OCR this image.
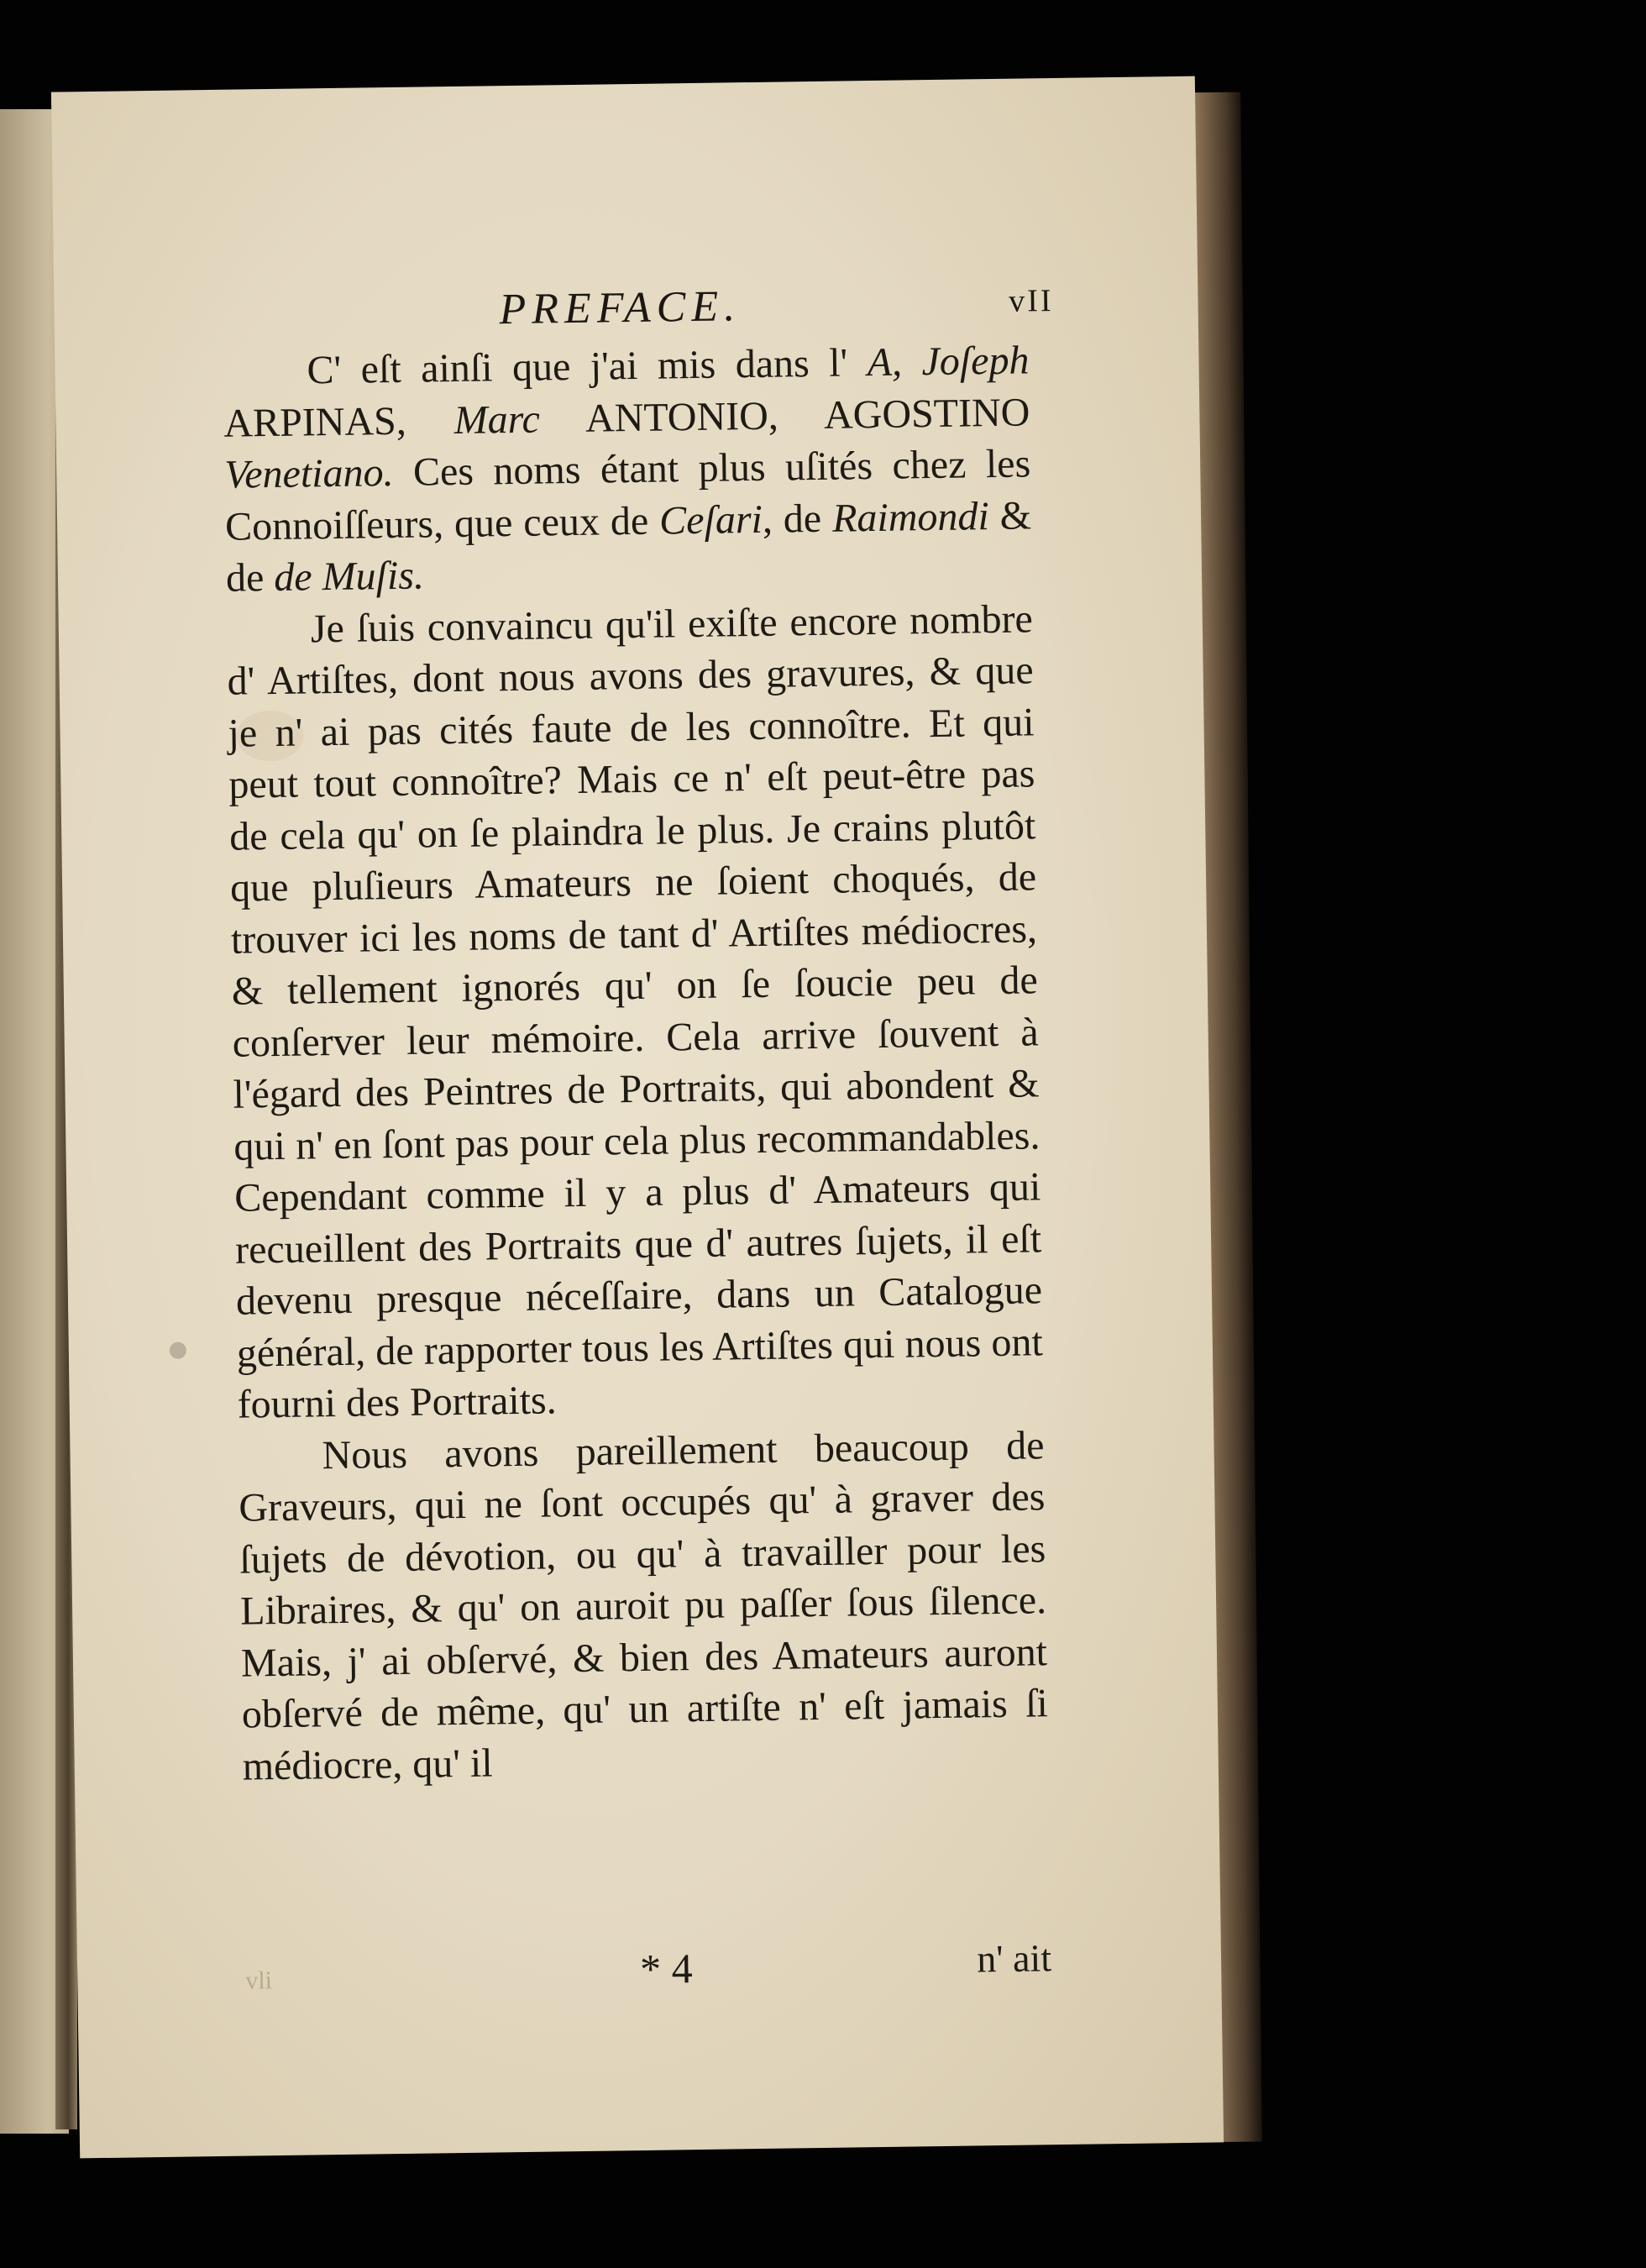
PREFACE.	vII

C' eſt ainſi que j'ai mis dans l' A, Joſeph ARPINAS, Marc ANTONIO, AGOSTINO Venetiano. Ces noms étant plus uſités chez les Connoiſſeurs, que ceux de Ceſari, de Raimondi & de de Muſis.

Je ſuis convaincu qu'il exiſte encore nombre d' Artiſtes, dont nous avons des gravures, & que je n' ai pas cités faute de les connoître. Et qui peut tout connoître? Mais ce n' eſt peut-être pas de cela qu' on ſe plaindra le plus. Je crains plutôt que pluſieurs Amateurs ne ſoient choqués, de trouver ici les noms de tant d' Artiſtes médiocres, & tellement ignorés qu' on ſe ſoucie peu de conſerver leur mémoire. Cela arrive ſouvent à l'égard des Peintres de Portraits, qui abondent & qui n' en ſont pas pour cela plus recommandables. Cependant comme il y a plus d' Amateurs qui recueillent des Portraits que d' autres ſujets, il eſt devenu presque néceſſaire, dans un Catalogue général, de rapporter tous les Artiſtes qui nous ont fourni des Portraits.

Nous avons pareillement beaucoup de Graveurs, qui ne ſont occupés qu' à graver des ſujets de dévotion, ou qu' à travailler pour les Libraires, & qu' on auroit pu paſſer ſous ſilence. Mais, j' ai obſervé, & bien des Amateurs auront obſervé de même, qu' un artiſte n' eſt jamais ſi médiocre, qu' il

vli	* 4	n' ait
